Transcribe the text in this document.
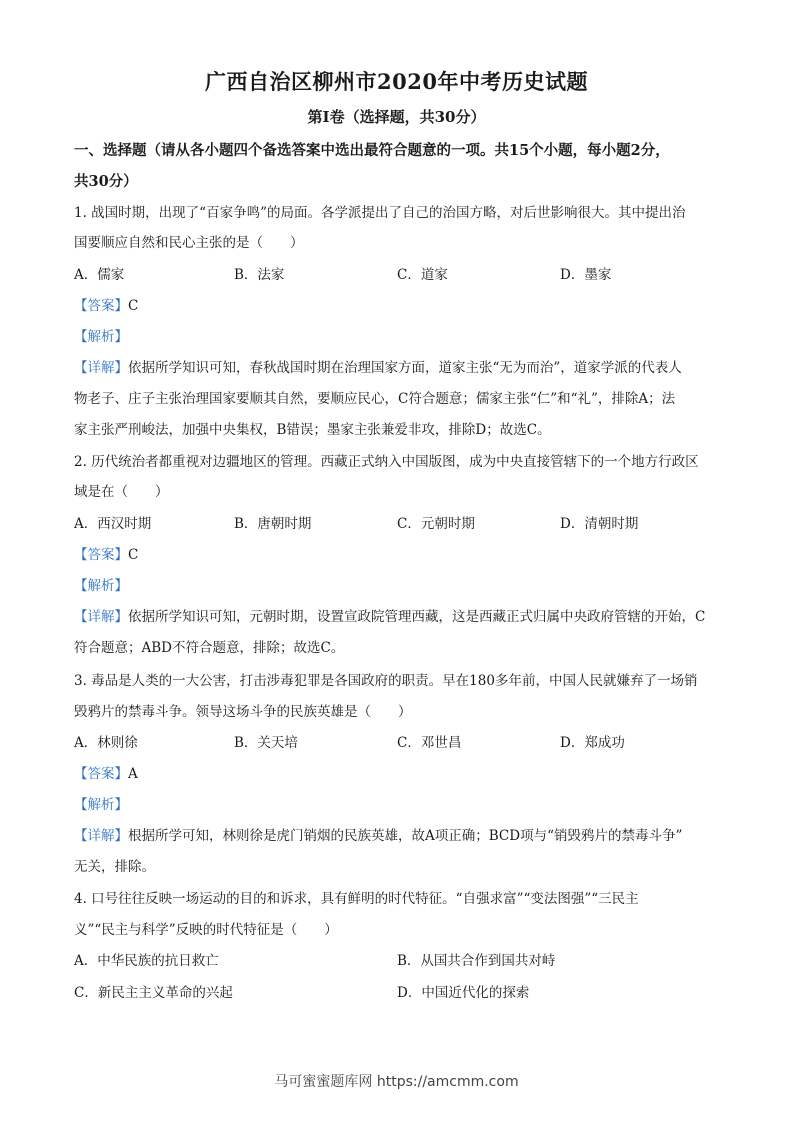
广西自治区柳州市2020年中考历史试题
第Ⅰ卷（选择题，共30分）
一、选择题（请从各小题四个备选答案中选出最符合题意的一项。共15个小题，每小题2分，
共30分）
1. 战国时期，出现了“百家争鸣”的局面。各学派提出了自己的治国方略，对后世影响很大。其中提出治
国要顺应自然和民心主张的是（　　）
A．儒家	B．法家	C．道家	D．墨家
【答案】C
【解析】
【详解】依据所学知识可知，春秋战国时期在治理国家方面，道家主张“无为而治”，道家学派的代表人
物老子、庄子主张治理国家要顺其自然，要顺应民心，C符合题意；儒家主张“仁”和“礼”，排除A；法
家主张严刑峻法，加强中央集权，B错误；墨家主张兼爱非攻，排除D；故选C。
2. 历代统治者都重视对边疆地区的管理。西藏正式纳入中国版图，成为中央直接管辖下的一个地方行政区
域是在（　　）
A．西汉时期	B．唐朝时期	C．元朝时期	D．清朝时期
【答案】C
【解析】
【详解】依据所学知识可知，元朝时期，设置宣政院管理西藏，这是西藏正式归属中央政府管辖的开始，C
符合题意；ABD不符合题意，排除；故选C。
3. 毒品是人类的一大公害，打击涉毒犯罪是各国政府的职责。早在180多年前，中国人民就嫌弃了一场销
毁鸦片的禁毒斗争。领导这场斗争的民族英雄是（　　）
A．林则徐	B．关天培	C．邓世昌	D．郑成功
【答案】A
【解析】
【详解】根据所学可知，林则徐是虎门销烟的民族英雄，故A项正确；BCD项与“销毁鸦片的禁毒斗争”
无关，排除。
4. 口号往往反映一场运动的目的和诉求，具有鲜明的时代特征。“自强求富”“变法图强”“三民主
义”“民主与科学”反映的时代特征是（　　）
A．中华民族的抗日救亡	B．从国共合作到国共对峙
C．新民主主义革命的兴起	D．中国近代化的探索
马可蜜蜜题库网 https://amcmm.com
